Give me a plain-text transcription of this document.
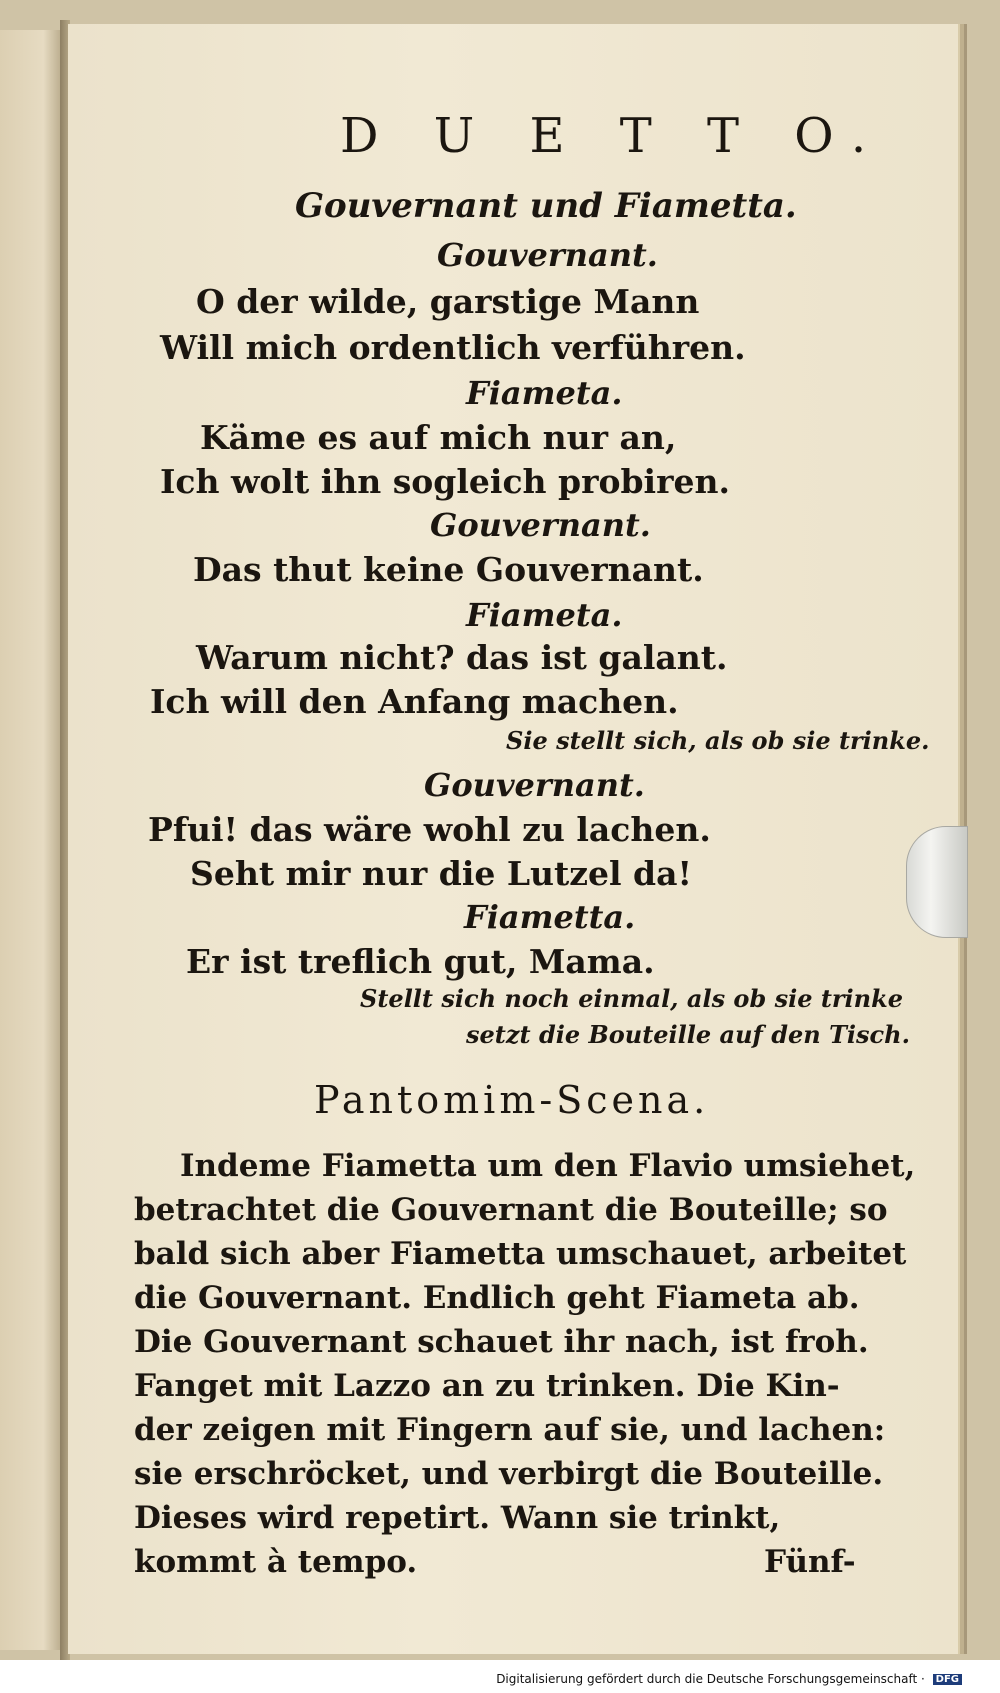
D U E T T O.
Gouvernant und Fiametta.
Gouvernant.
O der wilde, garstige Mann
Will mich ordentlich verführen.
Fiameta.
Käme es auf mich nur an,
Ich wolt ihn sogleich probiren.
Gouvernant.
Das thut keine Gouvernant.
Fiameta.
Warum nicht? das ist galant.
Ich will den Anfang machen.
Sie stellt sich, als ob sie trinke.
Gouvernant.
Pfui! das wäre wohl zu lachen.
Seht mir nur die Lutzel da!
Fiametta.
Er ist treflich gut, Mama.
Stellt sich noch einmal, als ob sie trinke
setzt die Bouteille auf den Tisch.
Pantomim-Scena.
Indeme Fiametta um den Flavio umsiehet,
betrachtet die Gouvernant die Bouteille; so
bald sich aber Fiametta umschauet, arbeitet
die Gouvernant. Endlich geht Fiameta ab.
Die Gouvernant schauet ihr nach, ist froh.
Fanget mit Lazzo an zu trinken. Die Kin-
der zeigen mit Fingern auf sie, und lachen:
sie erschröcket, und verbirgt die Bouteille.
Dieses wird repetirt. Wann sie trinkt,
kommt à tempo.	Fünf-
Digitalisierung gefördert durch die Deutsche Forschungsgemeinschaft · DFG
